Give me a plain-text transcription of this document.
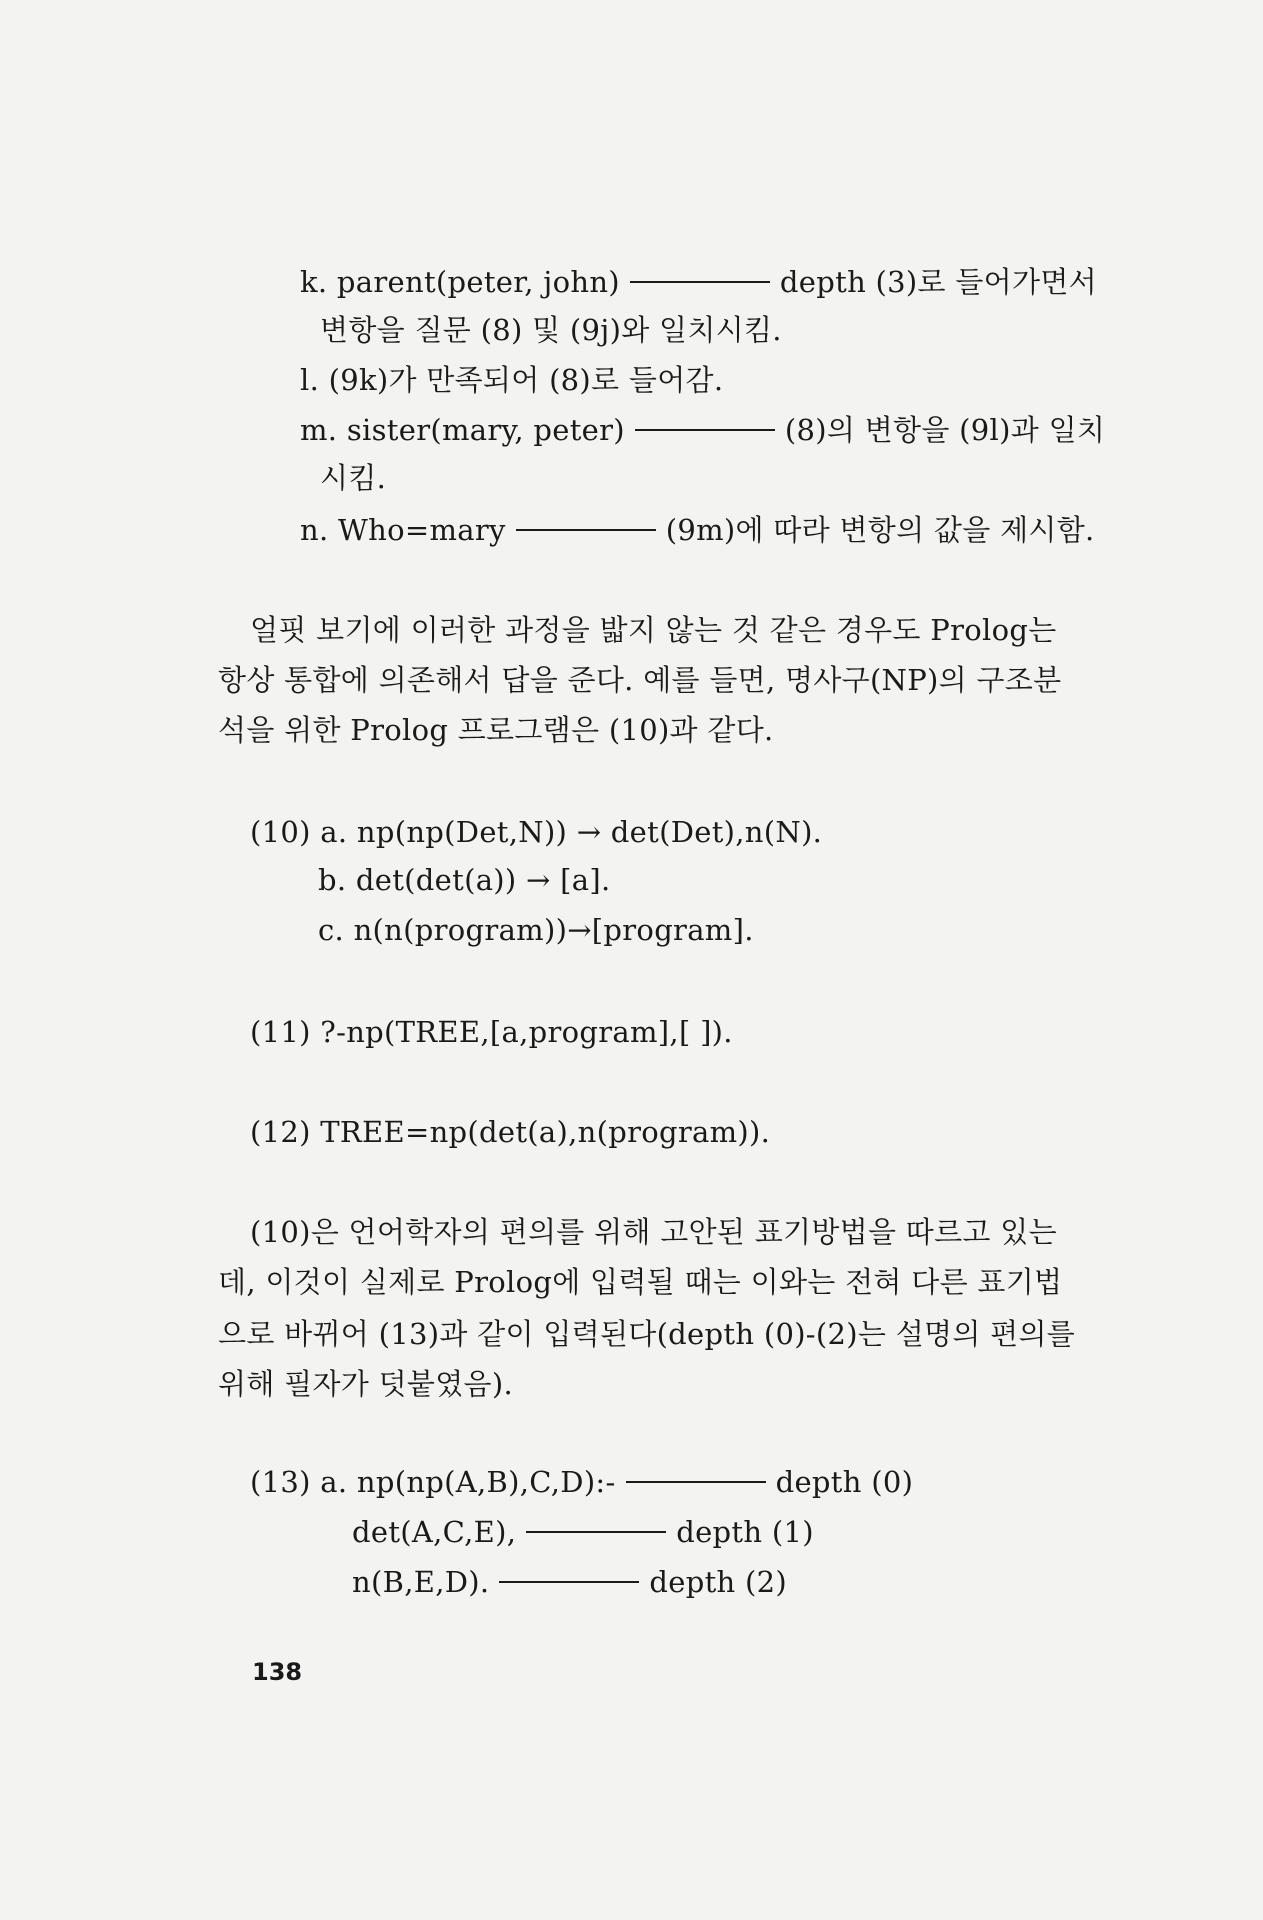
k. parent(peter, john)	depth (3)로 들어가면서
변항을 질문 (8) 및 (9j)와 일치시킴.
l. (9k)가 만족되어 (8)로 들어감.
m. sister(mary, peter)	(8)의 변항을 (9l)과 일치
시킴.
n. Who=mary	(9m)에 따라 변항의 값을 제시함.
얼핏 보기에 이러한 과정을 밟지 않는 것 같은 경우도 Prolog는
항상 통합에 의존해서 답을 준다. 예를 들면, 명사구(NP)의 구조분
석을 위한 Prolog 프로그램은 (10)과 같다.
(10) a. np(np(Det,N)) → det(Det),n(N).
b. det(det(a)) → [a].
c. n(n(program))→[program].
(11) ?-np(TREE,[a,program],[ ]).
(12) TREE=np(det(a),n(program)).
(10)은 언어학자의 편의를 위해 고안된 표기방법을 따르고 있는
데, 이것이 실제로 Prolog에 입력될 때는 이와는 전혀 다른 표기법
으로 바뀌어 (13)과 같이 입력된다(depth (0)-(2)는 설명의 편의를
위해 필자가 덧붙였음).
(13) a. np(np(A,B),C,D):-	depth (0)
det(A,C,E),	depth (1)
n(B,E,D).	depth (2)
138
